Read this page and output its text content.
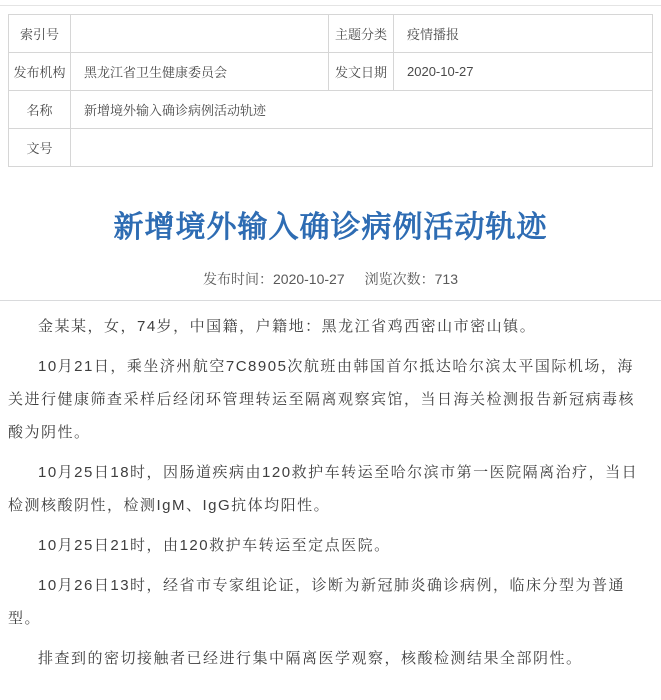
索引号		主题分类	疫情播报
发布机构	黑龙江省卫生健康委员会	发文日期	2020-10-27
名称	新增境外输入确诊病例活动轨迹		
文号			
新增境外输入确诊病例活动轨迹
发布时间：2020-10-27 浏览次数：713

金某某，女，74岁，中国籍，户籍地：黑龙江省鸡西密山市密山镇。

10月21日，乘坐济州航空7C8905次航班由韩国首尔抵达哈尔滨太平国际机场，海关进行健康筛查采样后经闭环管理转运至隔离观察宾馆，当日海关检测报告新冠病毒核酸为阴性。

10月25日18时，因肠道疾病由120救护车转运至哈尔滨市第一医院隔离治疗，当日检测核酸阴性，检测IgM、IgG抗体均阳性。

10月25日21时，由120救护车转运至定点医院。

10月26日13时，经省市专家组论证，诊断为新冠肺炎确诊病例，临床分型为普通型。

排查到的密切接触者已经进行集中隔离医学观察，核酸检测结果全部阴性。
